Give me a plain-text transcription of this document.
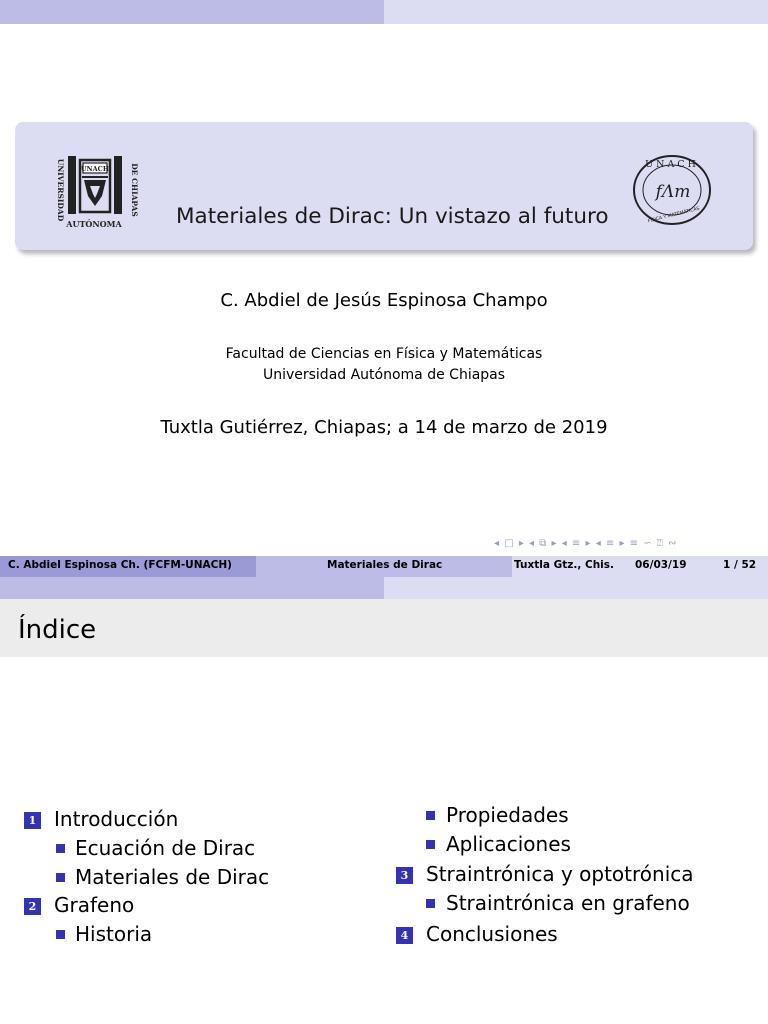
UNIVERSIDAD	DE CHIAPAS
UNACH
AUTÓNOMA	Materiales de Dirac: Un vistazo al futuro
UNACH
fΛm
FÍSICA Y MATEMÁTICAS
C. Abdiel de Jesús Espinosa Champo
Facultad de Ciencias en Física y Matemáticas
Universidad Autónoma de Chiapas
Tuxtla Gutiérrez, Chiapas; a 14 de marzo de 2019
◂ □ ▸ ◂ ⧉ ▸ ◂ ≡ ▸ ◂ ≡ ▸ ≡ ∽ ⍰ ∾
C. Abdiel Espinosa Ch. (FCFM-UNACH)	Materiales de Dirac	Tuxtla Gtz., Chis. 06/03/19	1 / 52
Índice
1 Introducción
Ecuación de Dirac
Materiales de Dirac
2 Grafeno
Historia
Propiedades
Aplicaciones
3 Straintrónica y optotrónica
Straintrónica en grafeno
4 Conclusiones
